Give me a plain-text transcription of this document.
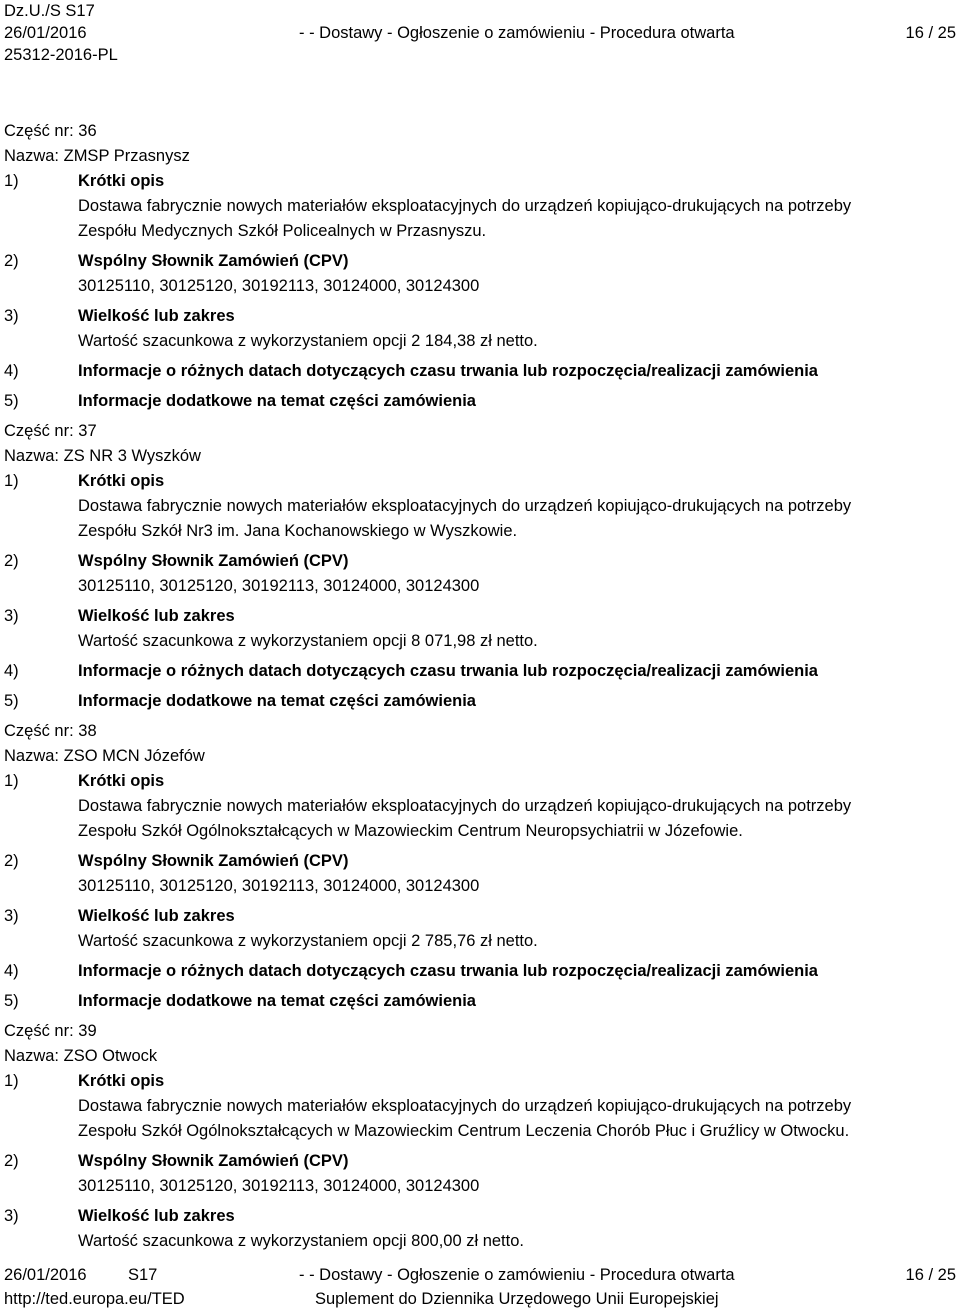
Dz.U./S S17
26/01/2016	- - Dostawy - Ogłoszenie o zamówieniu - Procedura otwarta	16 / 25
25312-2016-PL
Część nr: 36
Nazwa: ZMSP Przasnysz
1)	Krótki opis
Dostawa fabrycznie nowych materiałów eksploatacyjnych do urządzeń kopiująco-drukujących na potrzeby
Zespółu Medycznych Szkół Policealnych w Przasnyszu.
2)	Wspólny Słownik Zamówień (CPV)
30125110, 30125120, 30192113, 30124000, 30124300
3)	Wielkość lub zakres
Wartość szacunkowa z wykorzystaniem opcji 2 184,38 zł netto.
4)	Informacje o różnych datach dotyczących czasu trwania lub rozpoczęcia/realizacji zamówienia
5)	Informacje dodatkowe na temat części zamówienia
Część nr: 37
Nazwa: ZS NR 3 Wyszków
1)	Krótki opis
Dostawa fabrycznie nowych materiałów eksploatacyjnych do urządzeń kopiująco-drukujących na potrzeby
Zespółu Szkół Nr3 im. Jana Kochanowskiego w Wyszkowie.
2)	Wspólny Słownik Zamówień (CPV)
30125110, 30125120, 30192113, 30124000, 30124300
3)	Wielkość lub zakres
Wartość szacunkowa z wykorzystaniem opcji 8 071,98 zł netto.
4)	Informacje o różnych datach dotyczących czasu trwania lub rozpoczęcia/realizacji zamówienia
5)	Informacje dodatkowe na temat części zamówienia
Część nr: 38
Nazwa: ZSO MCN Józefów
1)	Krótki opis
Dostawa fabrycznie nowych materiałów eksploatacyjnych do urządzeń kopiująco-drukujących na potrzeby
Zespołu Szkół Ogólnokształcących w Mazowieckim Centrum Neuropsychiatrii w Józefowie.
2)	Wspólny Słownik Zamówień (CPV)
30125110, 30125120, 30192113, 30124000, 30124300
3)	Wielkość lub zakres
Wartość szacunkowa z wykorzystaniem opcji 2 785,76 zł netto.
4)	Informacje o różnych datach dotyczących czasu trwania lub rozpoczęcia/realizacji zamówienia
5)	Informacje dodatkowe na temat części zamówienia
Część nr: 39
Nazwa: ZSO Otwock
1)	Krótki opis
Dostawa fabrycznie nowych materiałów eksploatacyjnych do urządzeń kopiująco-drukujących na potrzeby
Zespołu Szkół Ogólnokształcących w Mazowieckim Centrum Leczenia Chorób Płuc i Gruźlicy w Otwocku.
2)	Wspólny Słownik Zamówień (CPV)
30125110, 30125120, 30192113, 30124000, 30124300
3)	Wielkość lub zakres
Wartość szacunkowa z wykorzystaniem opcji 800,00 zł netto.
26/01/2016	S17	- - Dostawy - Ogłoszenie o zamówieniu - Procedura otwarta	16 / 25
http://ted.europa.eu/TED	Suplement do Dziennika Urzędowego Unii Europejskiej
